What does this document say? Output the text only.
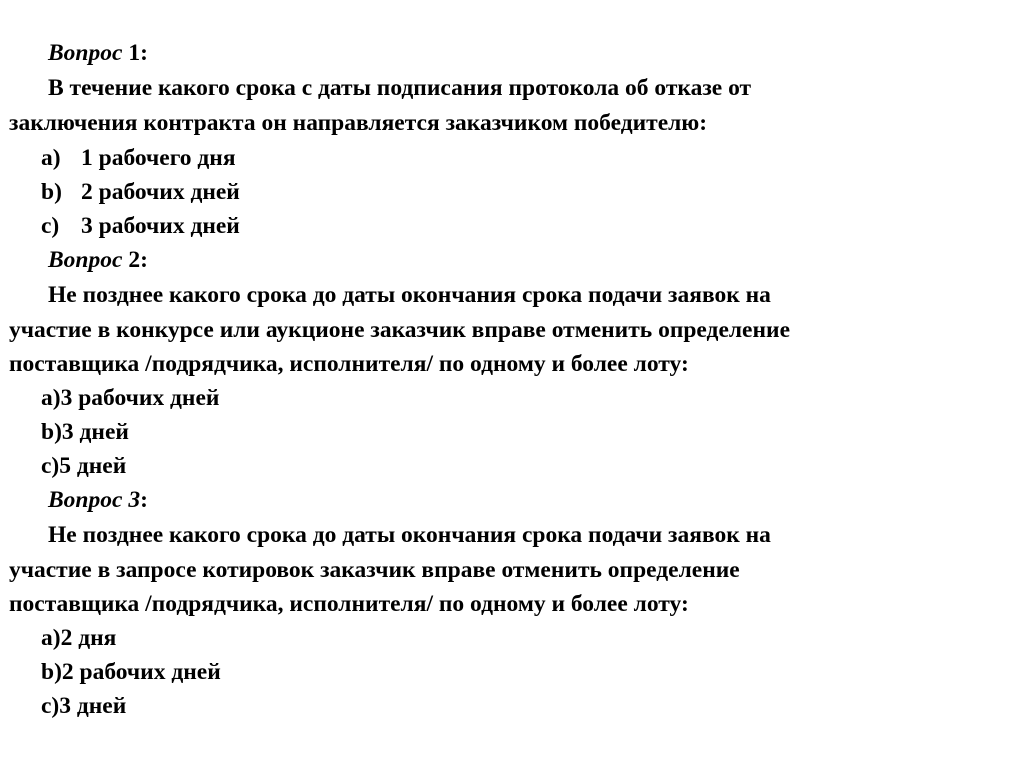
Вопрос 1:
В течение какого срока с даты подписания протокола об отказе от
заключения контракта он направляется заказчиком победителю:
a) 1 рабочего дня
b) 2 рабочих дней
c) 3 рабочих дней
Вопрос 2:
Не позднее какого срока до даты окончания срока подачи заявок на
участие в конкурсе или аукционе заказчик вправе отменить определение
поставщика /подрядчика, исполнителя/ по одному и более лоту:
а)3 рабочих дней
b)3 дней
c)5 дней
Вопрос 3:
Не позднее какого срока до даты окончания срока подачи заявок на
участие в запросе котировок заказчик вправе отменить определение
поставщика /подрядчика, исполнителя/ по одному и более лоту:
а)2 дня
b)2 рабочих дней
c)3 дней
